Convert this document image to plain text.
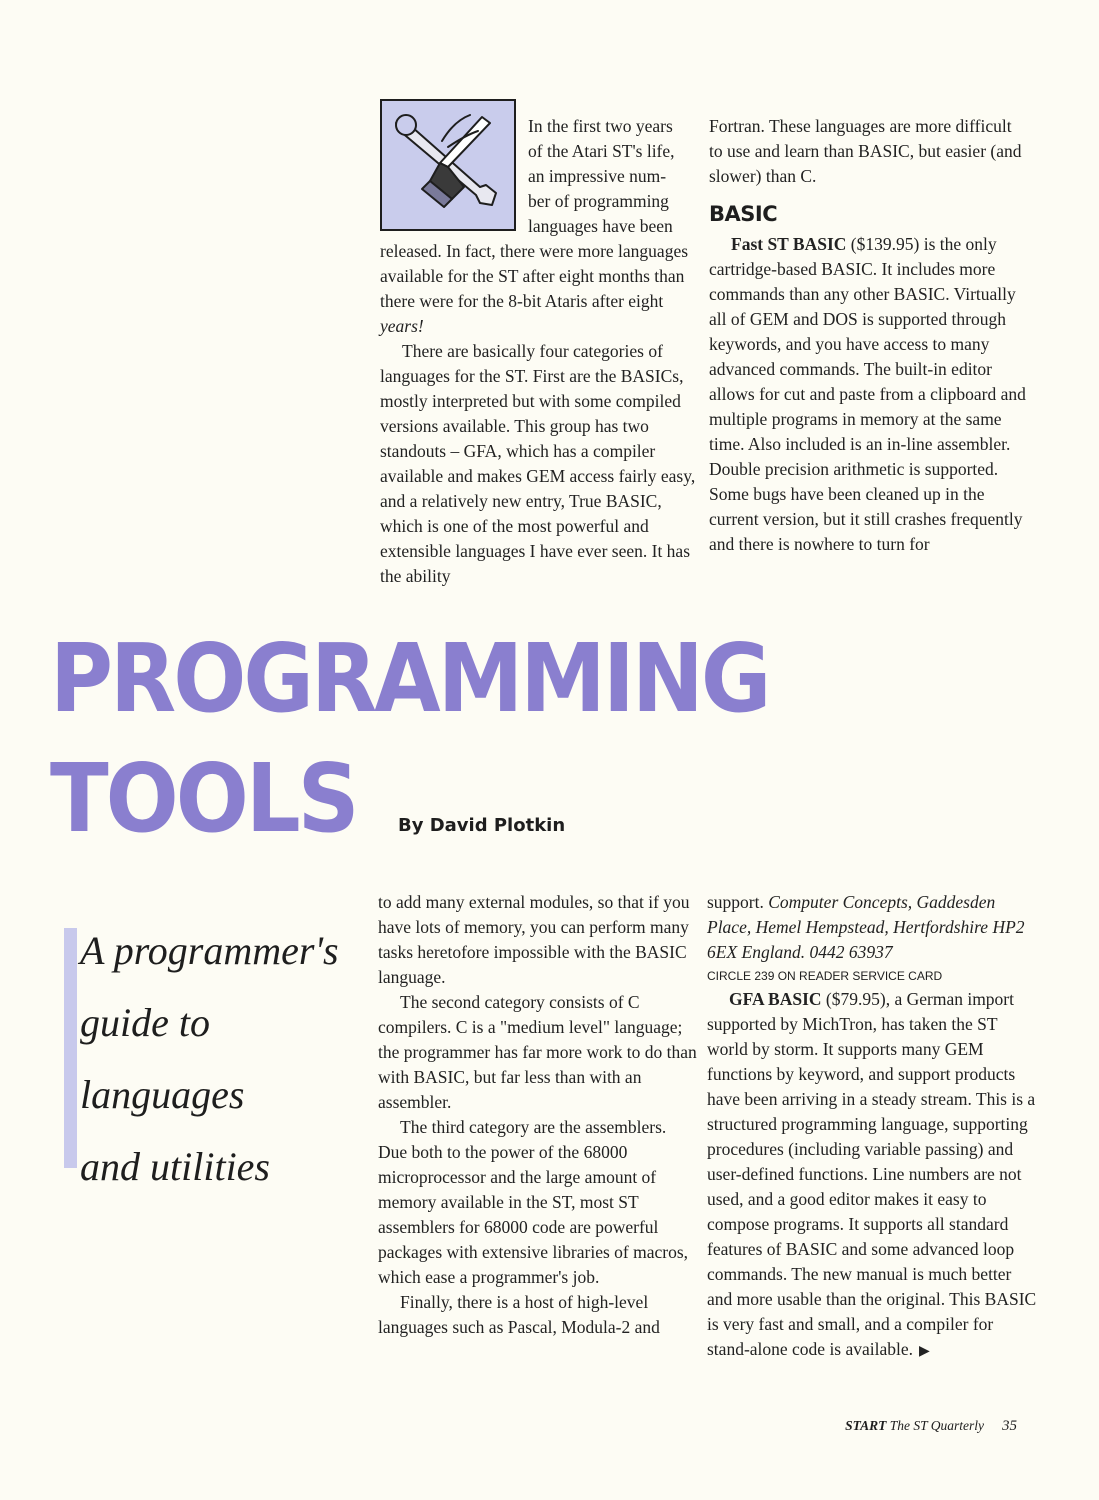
In the first two years
of the Atari ST's life,
an impressive num-
ber of programming
languages have been

released. In fact, there were more languages available for the ST after eight months than there were for the 8-bit Ataris after eight years!

There are basically four categories of languages for the ST. First are the BASICs, mostly interpreted but with some compiled versions available. This group has two standouts – GFA, which has a compiler available and makes GEM access fairly easy, and a relatively new entry, True BASIC, which is one of the most powerful and extensible languages I have ever seen. It has the ability

Fortran. These languages are more difficult to use and learn than BASIC, but easier (and slower) than C.

BASIC

Fast ST BASIC ($139.95) is the only cartridge-based BASIC. It includes more commands than any other BASIC. Virtually all of GEM and DOS is supported through keywords, and you have access to many advanced commands. The built-in editor allows for cut and paste from a clipboard and multiple programs in memory at the same time. Also included is an in-line assembler. Double precision arithmetic is supported. Some bugs have been cleaned up in the current version, but it still crashes frequently and there is nowhere to turn for

PROGRAMMING
TOOLS By David Plotkin
A programmer's
guide to
languages
and utilities

to add many external modules, so that if you have lots of memory, you can perform many tasks heretofore impossible with the BASIC language.

The second category consists of C compilers. C is a "medium level" language; the programmer has far more work to do than with BASIC, but far less than with an assembler.

The third category are the assemblers. Due both to the power of the 68000 microprocessor and the large amount of memory available in the ST, most ST assemblers for 68000 code are powerful packages with extensive libraries of macros, which ease a programmer's job.

Finally, there is a host of high-level languages such as Pascal, Modula-2 and

support. Computer Concepts, Gaddesden Place, Hemel Hempstead, Hertfordshire HP2 6EX England. 0442 63937

CIRCLE 239 ON READER SERVICE CARD

GFA BASIC ($79.95), a German import supported by MichTron, has taken the ST world by storm. It supports many GEM functions by keyword, and support products have been arriving in a steady stream. This is a structured programming language, supporting procedures (including variable passing) and user-defined functions. Line numbers are not used, and a good editor makes it easy to compose programs. It supports all standard features of BASIC and some advanced loop commands. The new manual is much better and more usable than the original. This BASIC is very fast and small, and a compiler for stand-alone code is available. ▶

START The ST Quarterly 35
